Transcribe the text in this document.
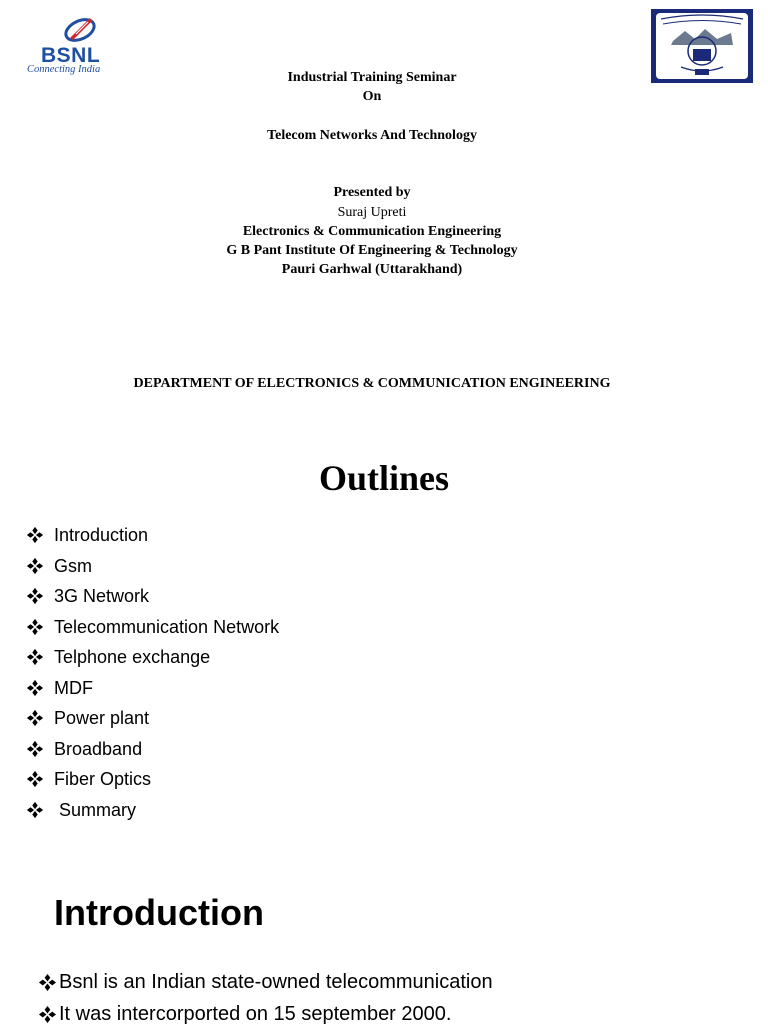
BSNL
Connecting India
Industrial Training Seminar
On
Telecom Networks And Technology
Presented by
Suraj Upreti
Electronics & Communication Engineering
G B Pant Institute Of Engineering & Technology
Pauri Garhwal (Uttarakhand)
DEPARTMENT OF ELECTRONICS & COMMUNICATION ENGINEERING
Outlines
Introduction
Gsm
3G Network
Telecommunication Network
Telphone exchange
MDF
Power plant
Broadband
Fiber Optics
Summary
Introduction
Bsnl is an Indian state-owned telecommunication
It was intercorported on 15 september 2000.
